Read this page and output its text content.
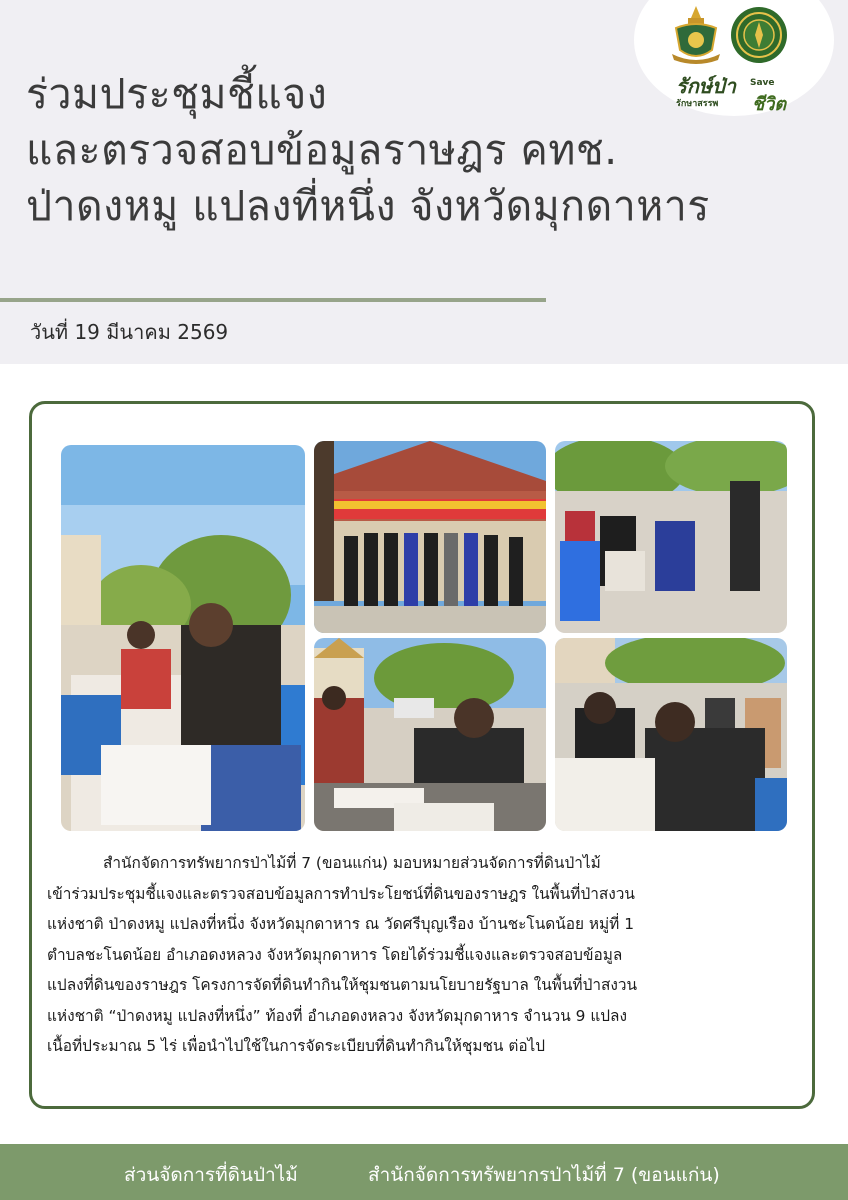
รักษ์ป่า
รักษาสรรพ
Save
ชีวิต
ร่วมประชุมชี้แจง
และตรวจสอบข้อมูลราษฎร คทช.
ป่าดงหมู แปลงที่หนึ่ง จังหวัดมุกดาหาร
วันที่ 19 มีนาคม 2569
สำนักจัดการทรัพยากรป่าไม้ที่ 7 (ขอนแก่น) มอบหมายส่วนจัดการที่ดินป่าไม้
เข้าร่วมประชุมชี้แจงและตรวจสอบข้อมูลการทำประโยชน์ที่ดินของราษฎร ในพื้นที่ป่าสงวน
แห่งชาติ ป่าดงหมู แปลงที่หนึ่ง จังหวัดมุกดาหาร ณ วัดศรีบุญเรือง บ้านชะโนดน้อย หมู่ที่ 1
ตำบลชะโนดน้อย อำเภอดงหลวง จังหวัดมุกดาหาร โดยได้ร่วมชี้แจงและตรวจสอบข้อมูล
แปลงที่ดินของราษฎร โครงการจัดที่ดินทำกินให้ชุมชนตามนโยบายรัฐบาล ในพื้นที่ป่าสงวน
แห่งชาติ “ป่าดงหมู แปลงที่หนึ่ง” ท้องที่ อำเภอดงหลวง จังหวัดมุกดาหาร จำนวน 9 แปลง
เนื้อที่ประมาณ 5 ไร่ เพื่อนำไปใช้ในการจัดระเบียบที่ดินทำกินให้ชุมชน ต่อไป
ส่วนจัดการที่ดินป่าไม้	สำนักจัดการทรัพยากรป่าไม้ที่ 7 (ขอนแก่น)
